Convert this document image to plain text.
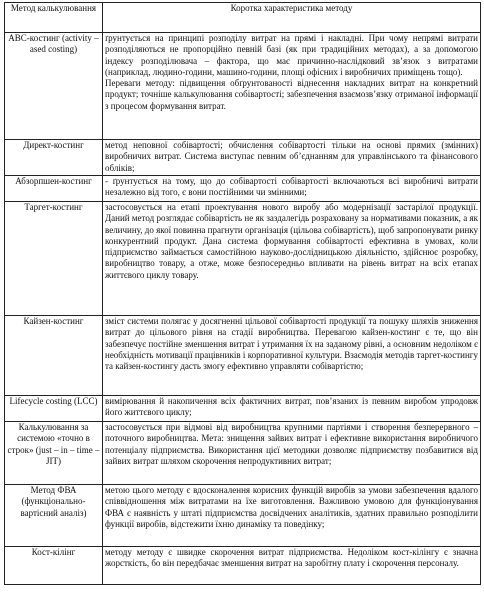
Метод калькулювання	Коротка характеристика методу
ABC-костинг (activity – ased costing)	ґрунтується на принципі розподілу витрат на прямі і накладні. При чому непрямі витрати розподіляються не пропорційно певній базі (як при традиційних методах), а за допомогою індексу розподілювача – фактора, що має причинно-наслідковий зв’язок з витратами (наприклад, людино-години, машино-години, площі офісних і виробничих приміщень тощо).

Переваги методу: підвищення обґрунтованості віднесення накладних витрат на конкретний продукт; точніше калькулювання собівартості; забезпечення взаємозв’язку отриманої інформації з процесом формування витрат.

Директ-костинг	метод неповної собівартості; обчислення собівартості тільки на основі прямих (змінних) виробничих витрат. Система виступає певним об’єднанням для управлінського та фінансового обліків;

Абзорпшен-костинг	- ґрунтується на тому, що до собівартості собівартості включаються всі виробничі витрати незалежно від того, є вони постійними чи змінними;

Таргет-костинг	застосовується на етапі проектування нового виробу або модернізації застарілої продукції. Даний метод розглядає собівартість не як заздалегідь розраховану за нормативами показник, а як величину, до якої повинна прагнути організація (цільова собівартість), щоб запропонувати ринку конкурентний продукт. Дана система формування собівартості ефективна в умовах, коли підприємство займається самостійною науково-дослідницькою діяльністю, здійснює розробку, виробництво товару, а отже, може безпосередньо впливати на рівень витрат на всіх етапах життєвого циклу товару.

Кайзен-костинг	зміст системи полягає у досягненні цільової собівартості продукції та пошуку шляхів зниження витрат до цільового рівня на стадії виробництва. Перевагою кайзен-костинг є те, що він забезпечує постійне зменшення витрат і утримання їх на заданому рівні, а основним недоліком є необхідність мотивації працівників і корпоративної культури. Взаємодія методів таргет-костингу та кайзен-костингу дасть змогу ефективно управляти собівартістю;

Lifecycle costing (LCC)	вимірювання й накопичення всіх фактичних витрат, пов’язаних із певним виробом упродовж його життєвого циклу;

Калькулювання за системою «точно в строк» (just – in – time – JIT)	застосовується при відмові від виробництва крупними партіями і створення безперервного – поточного виробництва. Мета: знищення зайвих витрат і ефективне використання виробничого потенціалу підприємства. Використання цієї методики дозволяє підприємству позбавитися від зайвих витрат шляхом скорочення непродуктивних витрат;

Метод ФВА (функціонально-вартісний аналіз)	метою цього методу є вдосконалення корисних функцій виробів за умови забезпечення вдалого співвідношення між витратами на їхе виготовлення. Важливою умовою для функціонування ФВА є наявність у штаті підприємства досвідчених аналітиків, здатних правильно розподілити функції виробів, відстежити їхню динаміку та поведінку;

Кост-кілінг	методу методу є швидке скорочення витрат підприємства. Недоліком кост-кілінгу є значна жорсткість, бо він передбачає зменшення витрат на заробітну плату і скорочення персоналу.
